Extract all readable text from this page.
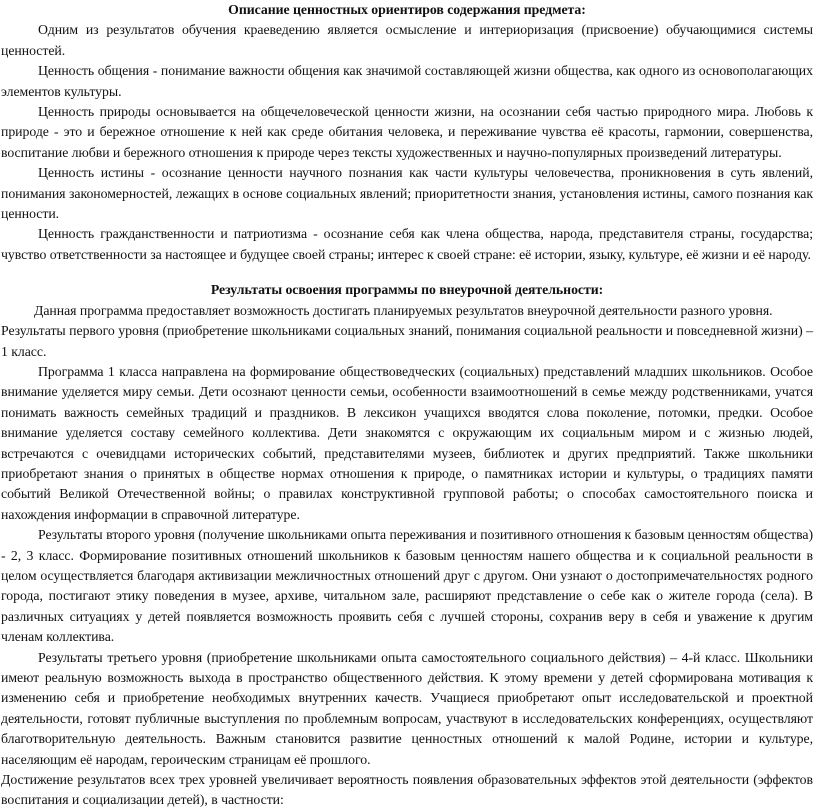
Описание ценностных ориентиров содержания предмета:

Одним из результатов обучения краеведению является осмысление и интериоризация (присвоение) обучающимися системы ценностей.

Ценность общения - понимание важности общения как значимой составляющей жизни общества, как одного из основополагающих элементов культуры.

Ценность природы основывается на общечеловеческой ценности жизни, на осознании себя частью природного мира. Любовь к природе - это и бережное отношение к ней как среде обитания человека, и переживание чувства её красоты, гармонии, совершенства, воспитание любви и бережного отношения к природе через тексты художественных и научно-популярных произведений литературы.

Ценность истины - осознание ценности научного познания как части культуры человечества, проникновения в суть явлений, понимания закономерностей, лежащих в основе социальных явлений; приоритетности знания, установления истины, самого познания как ценности.

Ценность гражданственности и патриотизма - осознание себя как члена общества, народа, представителя страны, государства; чувство ответственности за настоящее и будущее своей страны; интерес к своей стране: её истории, языку, культуре, её жизни и её народу.

Результаты освоения программы по внеурочной деятельности:

Данная программа предоставляет возможность достигать планируемых результатов внеурочной деятельности разного уровня.

Результаты первого уровня (приобретение школьниками социальных знаний, понимания социальной реальности и повседневной жизни) – 1 класс.

Программа 1 класса направлена на формирование обществоведческих (социальных) представлений младших школьников. Особое внимание уделяется миру семьи. Дети осознают ценности семьи, особенности взаимоотношений в семье между родственниками, учатся понимать важность семейных традиций и праздников. В лексикон учащихся вводятся слова поколение, потомки, предки. Особое внимание уделяется составу семейного коллектива. Дети знакомятся с окружающим их социальным миром и с жизнью людей, встречаются с очевидцами исторических событий, представителями музеев, библиотек и других предприятий. Также школьники приобретают знания о принятых в обществе нормах отношения к природе, о памятниках истории и культуры, о традициях памяти событий Великой Отечественной войны; о правилах конструктивной групповой работы; о способах самостоятельного поиска и нахождения информации в справочной литературе.

Результаты второго уровня (получение школьниками опыта переживания и позитивного отношения к базовым ценностям общества) - 2, 3 класс. Формирование позитивных отношений школьников к базовым ценностям нашего общества и к социальной реальности в целом осуществляется благодаря активизации межличностных отношений друг с другом. Они узнают о достопримечательностях родного города, постигают этику поведения в музее, архиве, читальном зале, расширяют представление о себе как о жителе города (села). В различных ситуациях у детей появляется возможность проявить себя с лучшей стороны, сохранив веру в себя и уважение к другим членам коллектива.

Результаты третьего уровня (приобретение школьниками опыта самостоятельного социального действия) – 4-й класс. Школьники имеют реальную возможность выхода в пространство общественного действия. К этому времени у детей сформирована мотивация к изменению себя и приобретение необходимых внутренних качеств. Учащиеся приобретают опыт исследовательской и проектной деятельности, готовят публичные выступления по проблемным вопросам, участвуют в исследовательских конференциях, осуществляют благотворительную деятельность. Важным становится развитие ценностных отношений к малой Родине, истории и культуре, населяющим её народам, героическим страницам её прошлого.

Достижение результатов всех трех уровней увеличивает вероятность появления образовательных эффектов этой деятельности (эффектов воспитания и социализации детей), в частности:
